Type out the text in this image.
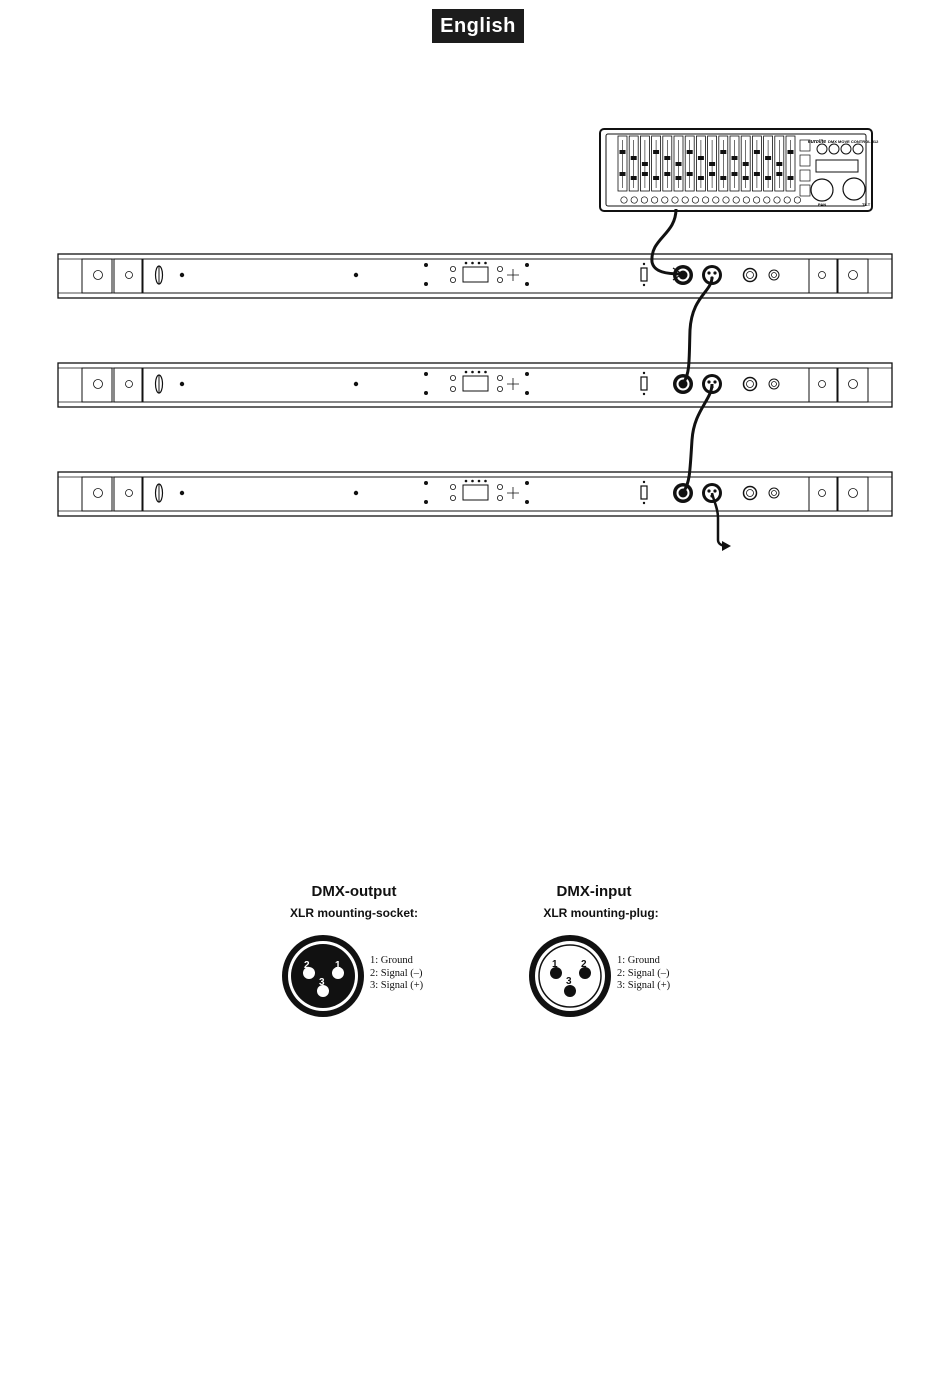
English
eurolite DMX MOVE CONTROL 512
PAN	TILT
DMX-output
XLR mounting-socket:
2	1
3
1: Ground
2: Signal (–)
3: Signal (+)
DMX-input
XLR mounting-plug:
1 2
3
1: Ground
2: Signal (–)
3: Signal (+)
